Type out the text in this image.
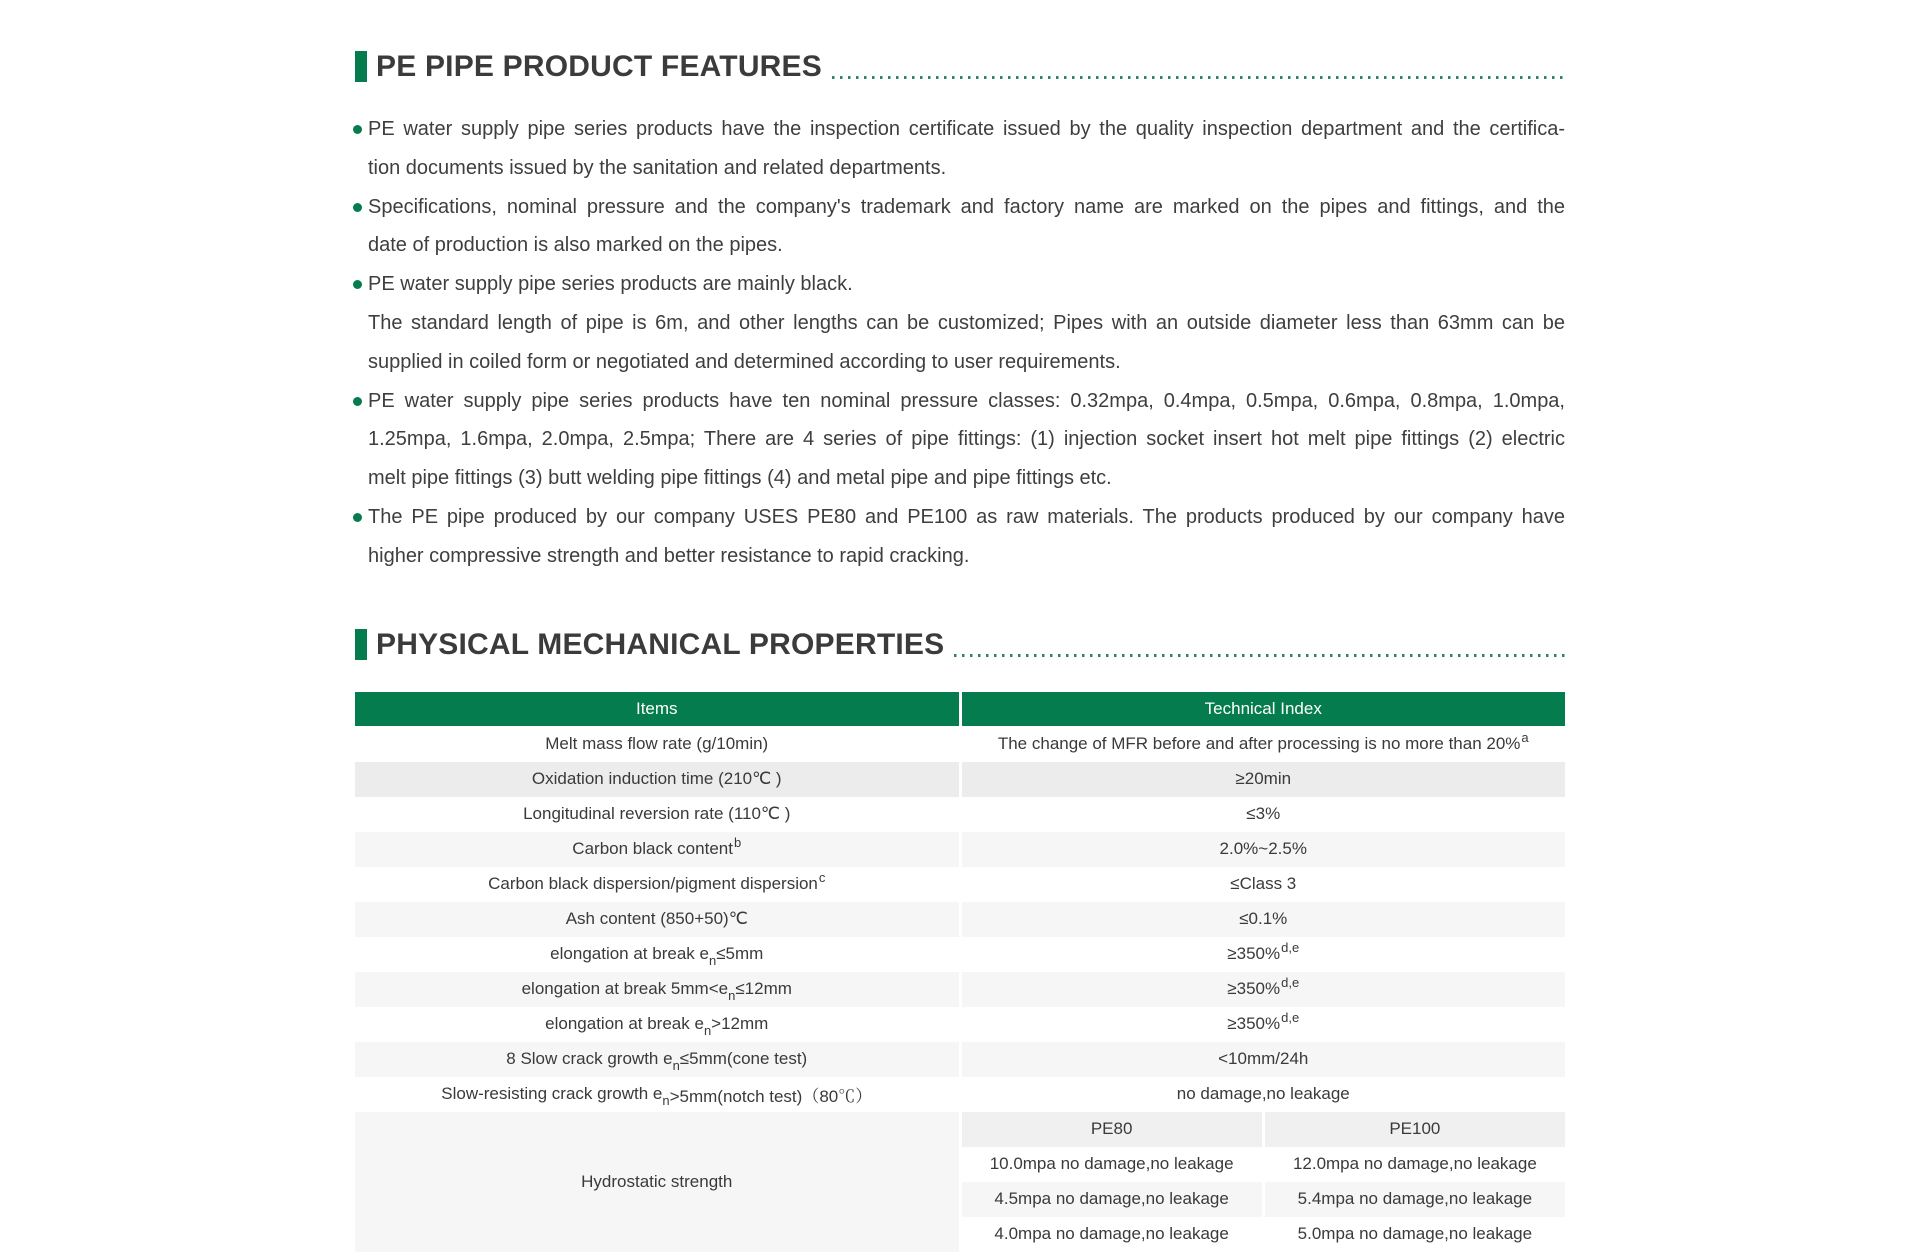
PE PIPE PRODUCT FEATURES
PE water supply pipe series products have the inspection certificate issued by the quality inspection department and the certifica-
tion documents issued by the sanitation and related departments.
Specifications, nominal pressure and the company's trademark and factory name are marked on the pipes and fittings, and the
date of production is also marked on the pipes.
PE water supply pipe series products are mainly black.
The standard length of pipe is 6m, and other lengths can be customized; Pipes with an outside diameter less than 63mm can be
supplied in coiled form or negotiated and determined according to user requirements.
PE water supply pipe series products have ten nominal pressure classes: 0.32mpa, 0.4mpa, 0.5mpa, 0.6mpa, 0.8mpa, 1.0mpa,
1.25mpa, 1.6mpa, 2.0mpa, 2.5mpa; There are 4 series of pipe fittings: (1) injection socket insert hot melt pipe fittings (2) electric
melt pipe fittings (3) butt welding pipe fittings (4) and metal pipe and pipe fittings etc.
The PE pipe produced by our company USES PE80 and PE100 as raw materials. The products produced by our company have
higher compressive strength and better resistance to rapid cracking.
PHYSICAL MECHANICAL PROPERTIES
Items	Technical Index
Melt mass flow rate (g/10min)	The change of MFR before and after processing is no more than 20% a
Oxidation induction time (210℃ )	≥20min
Longitudinal reversion rate (110℃ )	≤3%
Carbon black content b	2.0%~2.5%
Carbon black dispersion/pigment dispersion c	≤Class 3
Ash content (850+50)℃	≤0.1%
elongation at break e n ≤5mm	≥350% d,e
elongation at break 5mm<e n ≤12mm	≥350% d,e
elongation at break e n >12mm	≥350% d,e
8 Slow crack growth e n ≤5mm(cone test)	<10mm/24h
Slow-resisting crack growth e n >5mm(notch test)（80℃）	no damage,no leakage
Hydrostatic strength
PE80	PE100
10.0mpa no damage,no leakage	12.0mpa no damage,no leakage
4.5mpa no damage,no leakage	5.4mpa no damage,no leakage
4.0mpa no damage,no leakage	5.0mpa no damage,no leakage
